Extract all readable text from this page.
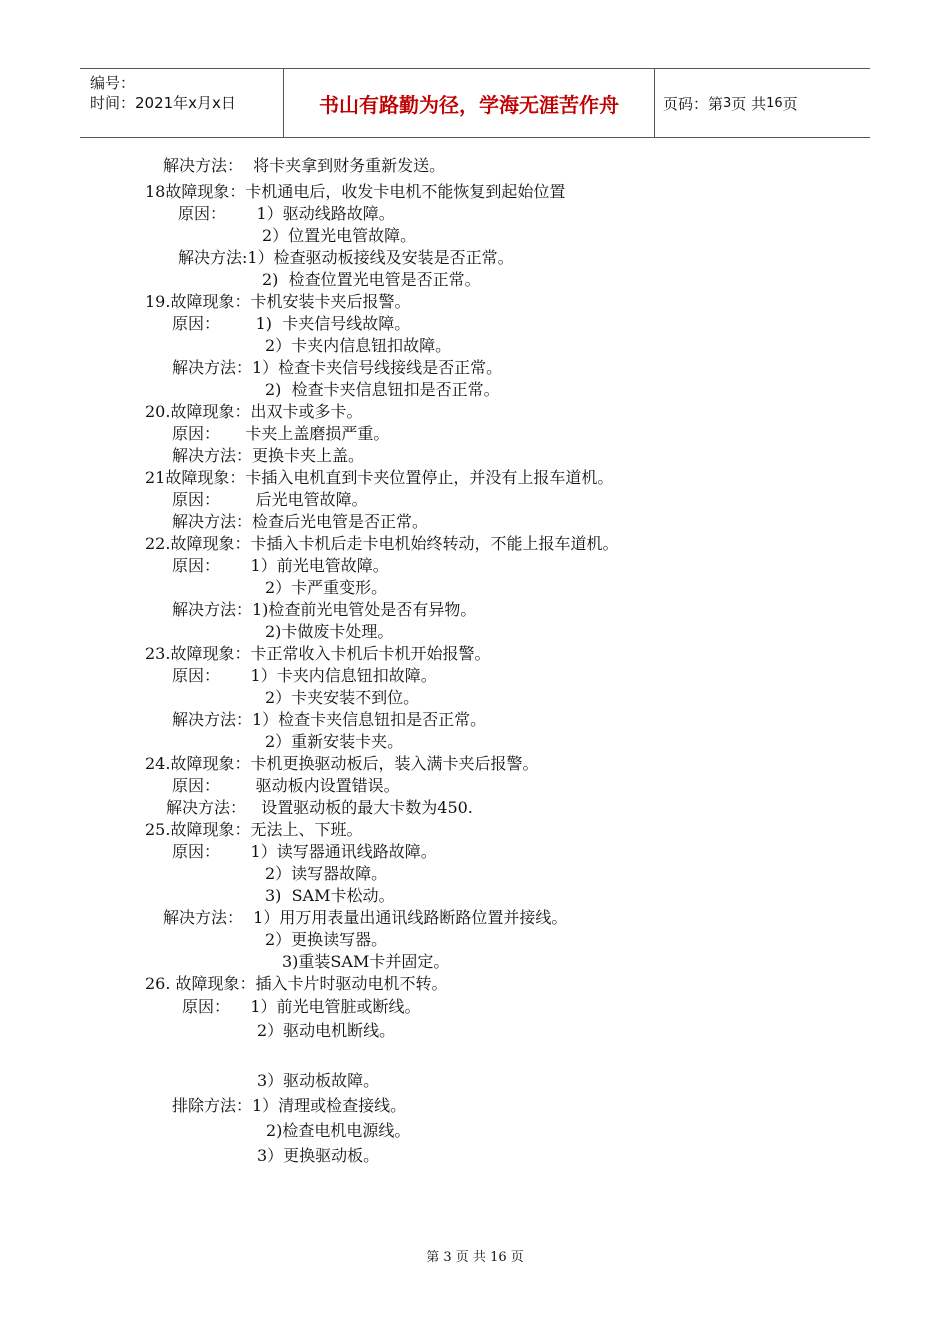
编号：
时间：2021年x月x日	书山有路勤为径，学海无涯苦作舟	页码：第 3 页 共 16 页
解决方法：  将卡夹拿到财务重新发送。
18故障现象：卡机通电后，收发卡电机不能恢复到起始位置
原因：      1）驱动线路故障。
2）位置光电管故障。
解决方法:1）检查驱动板接线及安装是否正常。
2)  检查位置光电管是否正常。
19.故障现象：卡机安装卡夹后报警。
原因：       1)  卡夹信号线故障。
2）卡夹内信息钮扣故障。
解决方法：1）检查卡夹信号线接线是否正常。
2)  检查卡夹信息钮扣是否正常。
20.故障现象：出双卡或多卡。
原因：     卡夹上盖磨损严重。
解决方法：更换卡夹上盖。
21故障现象：卡插入电机直到卡夹位置停止，并没有上报车道机。
原因：       后光电管故障。
解决方法：检查后光电管是否正常。
22.故障现象：卡插入卡机后走卡电机始终转动，不能上报车道机。
原因：      1）前光电管故障。
2）卡严重变形。
解决方法：1)检查前光电管处是否有异物。
2)卡做废卡处理。
23.故障现象：卡正常收入卡机后卡机开始报警。
原因：      1）卡夹内信息钮扣故障。
2）卡夹安装不到位。
解决方法：1）检查卡夹信息钮扣是否正常。
2）重新安装卡夹。
24.故障现象：卡机更换驱动板后，装入满卡夹后报警。
原因：       驱动板内设置错误。
解决方法：   设置驱动板的最大卡数为450.
25.故障现象：无法上、下班。
原因：      1）读写器通讯线路故障。
2）读写器故障。
3)  SAM卡松动。
解决方法：  1）用万用表量出通讯线路断路位置并接线。
2）更换读写器。
3)重装SAM卡并固定。
26. 故障现象：插入卡片时驱动电机不转。
原因：    1）前光电管脏或断线。
2）驱动电机断线。
3）驱动板故障。
排除方法：1）清理或检查接线。
2)检查电机电源线。
3）更换驱动板。
第 3 页 共 16 页
